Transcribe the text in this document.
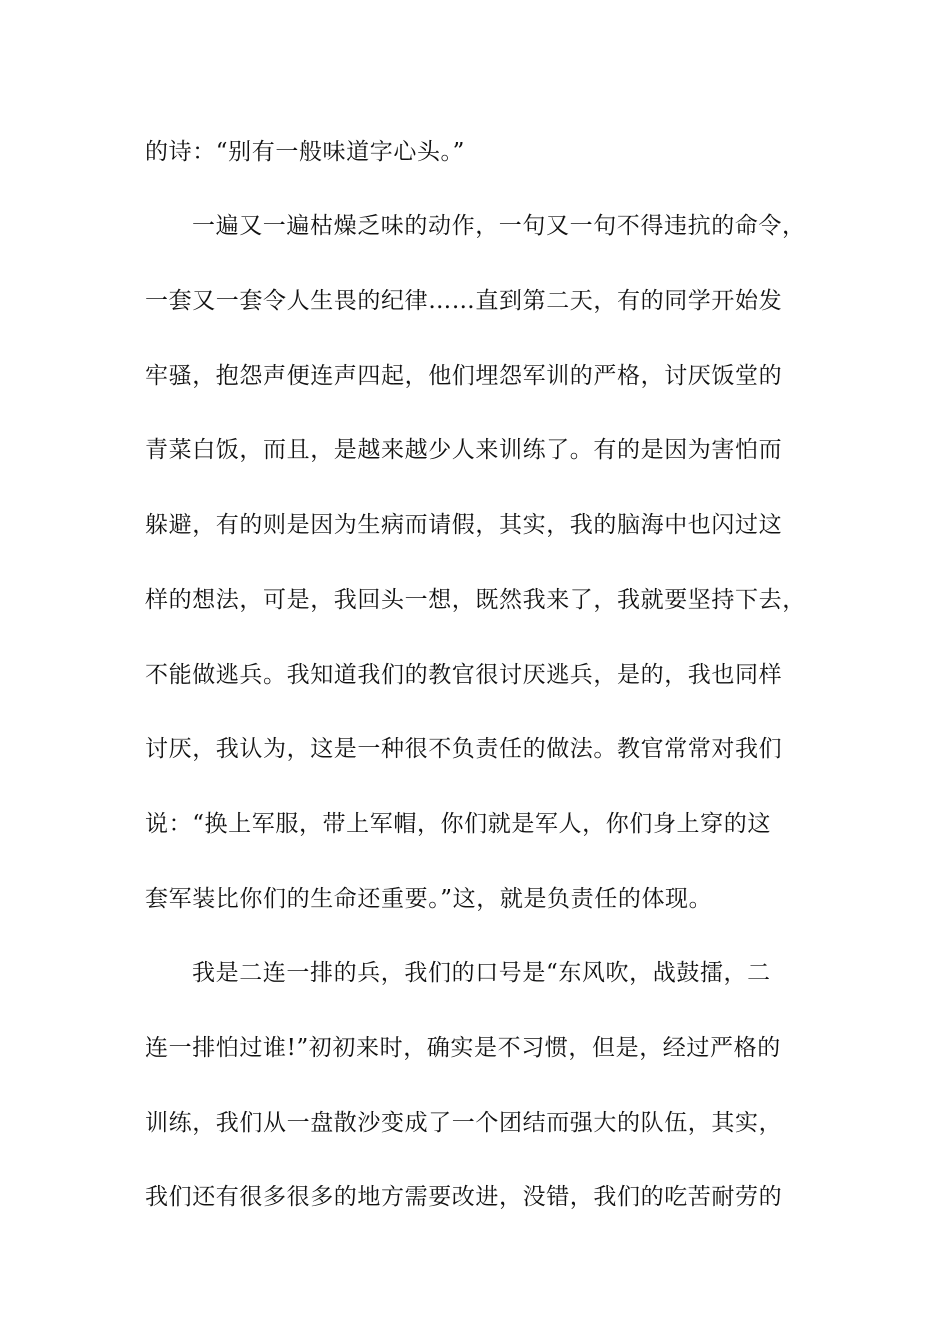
的诗：“别有一般味道字心头。”
一遍又一遍枯燥乏味的动作，一句又一句不得违抗的命令，
一套又一套令人生畏的纪律……直到第二天，有的同学开始发
牢骚，抱怨声便连声四起，他们埋怨军训的严格，讨厌饭堂的
青菜白饭，而且，是越来越少人来训练了。有的是因为害怕而
躲避，有的则是因为生病而请假，其实，我的脑海中也闪过这
样的想法，可是，我回头一想，既然我来了，我就要坚持下去，
不能做逃兵。我知道我们的教官很讨厌逃兵，是的，我也同样
讨厌，我认为，这是一种很不负责任的做法。教官常常对我们
说：“换上军服，带上军帽，你们就是军人，你们身上穿的这
套军装比你们的生命还重要。”这，就是负责任的体现。
我是二连一排的兵，我们的口号是“东风吹，战鼓擂，二
连一排怕过谁!”初初来时，确实是不习惯，但是，经过严格的
训练，我们从一盘散沙变成了一个团结而强大的队伍，其实，
我们还有很多很多的地方需要改进，没错，我们的吃苦耐劳的
